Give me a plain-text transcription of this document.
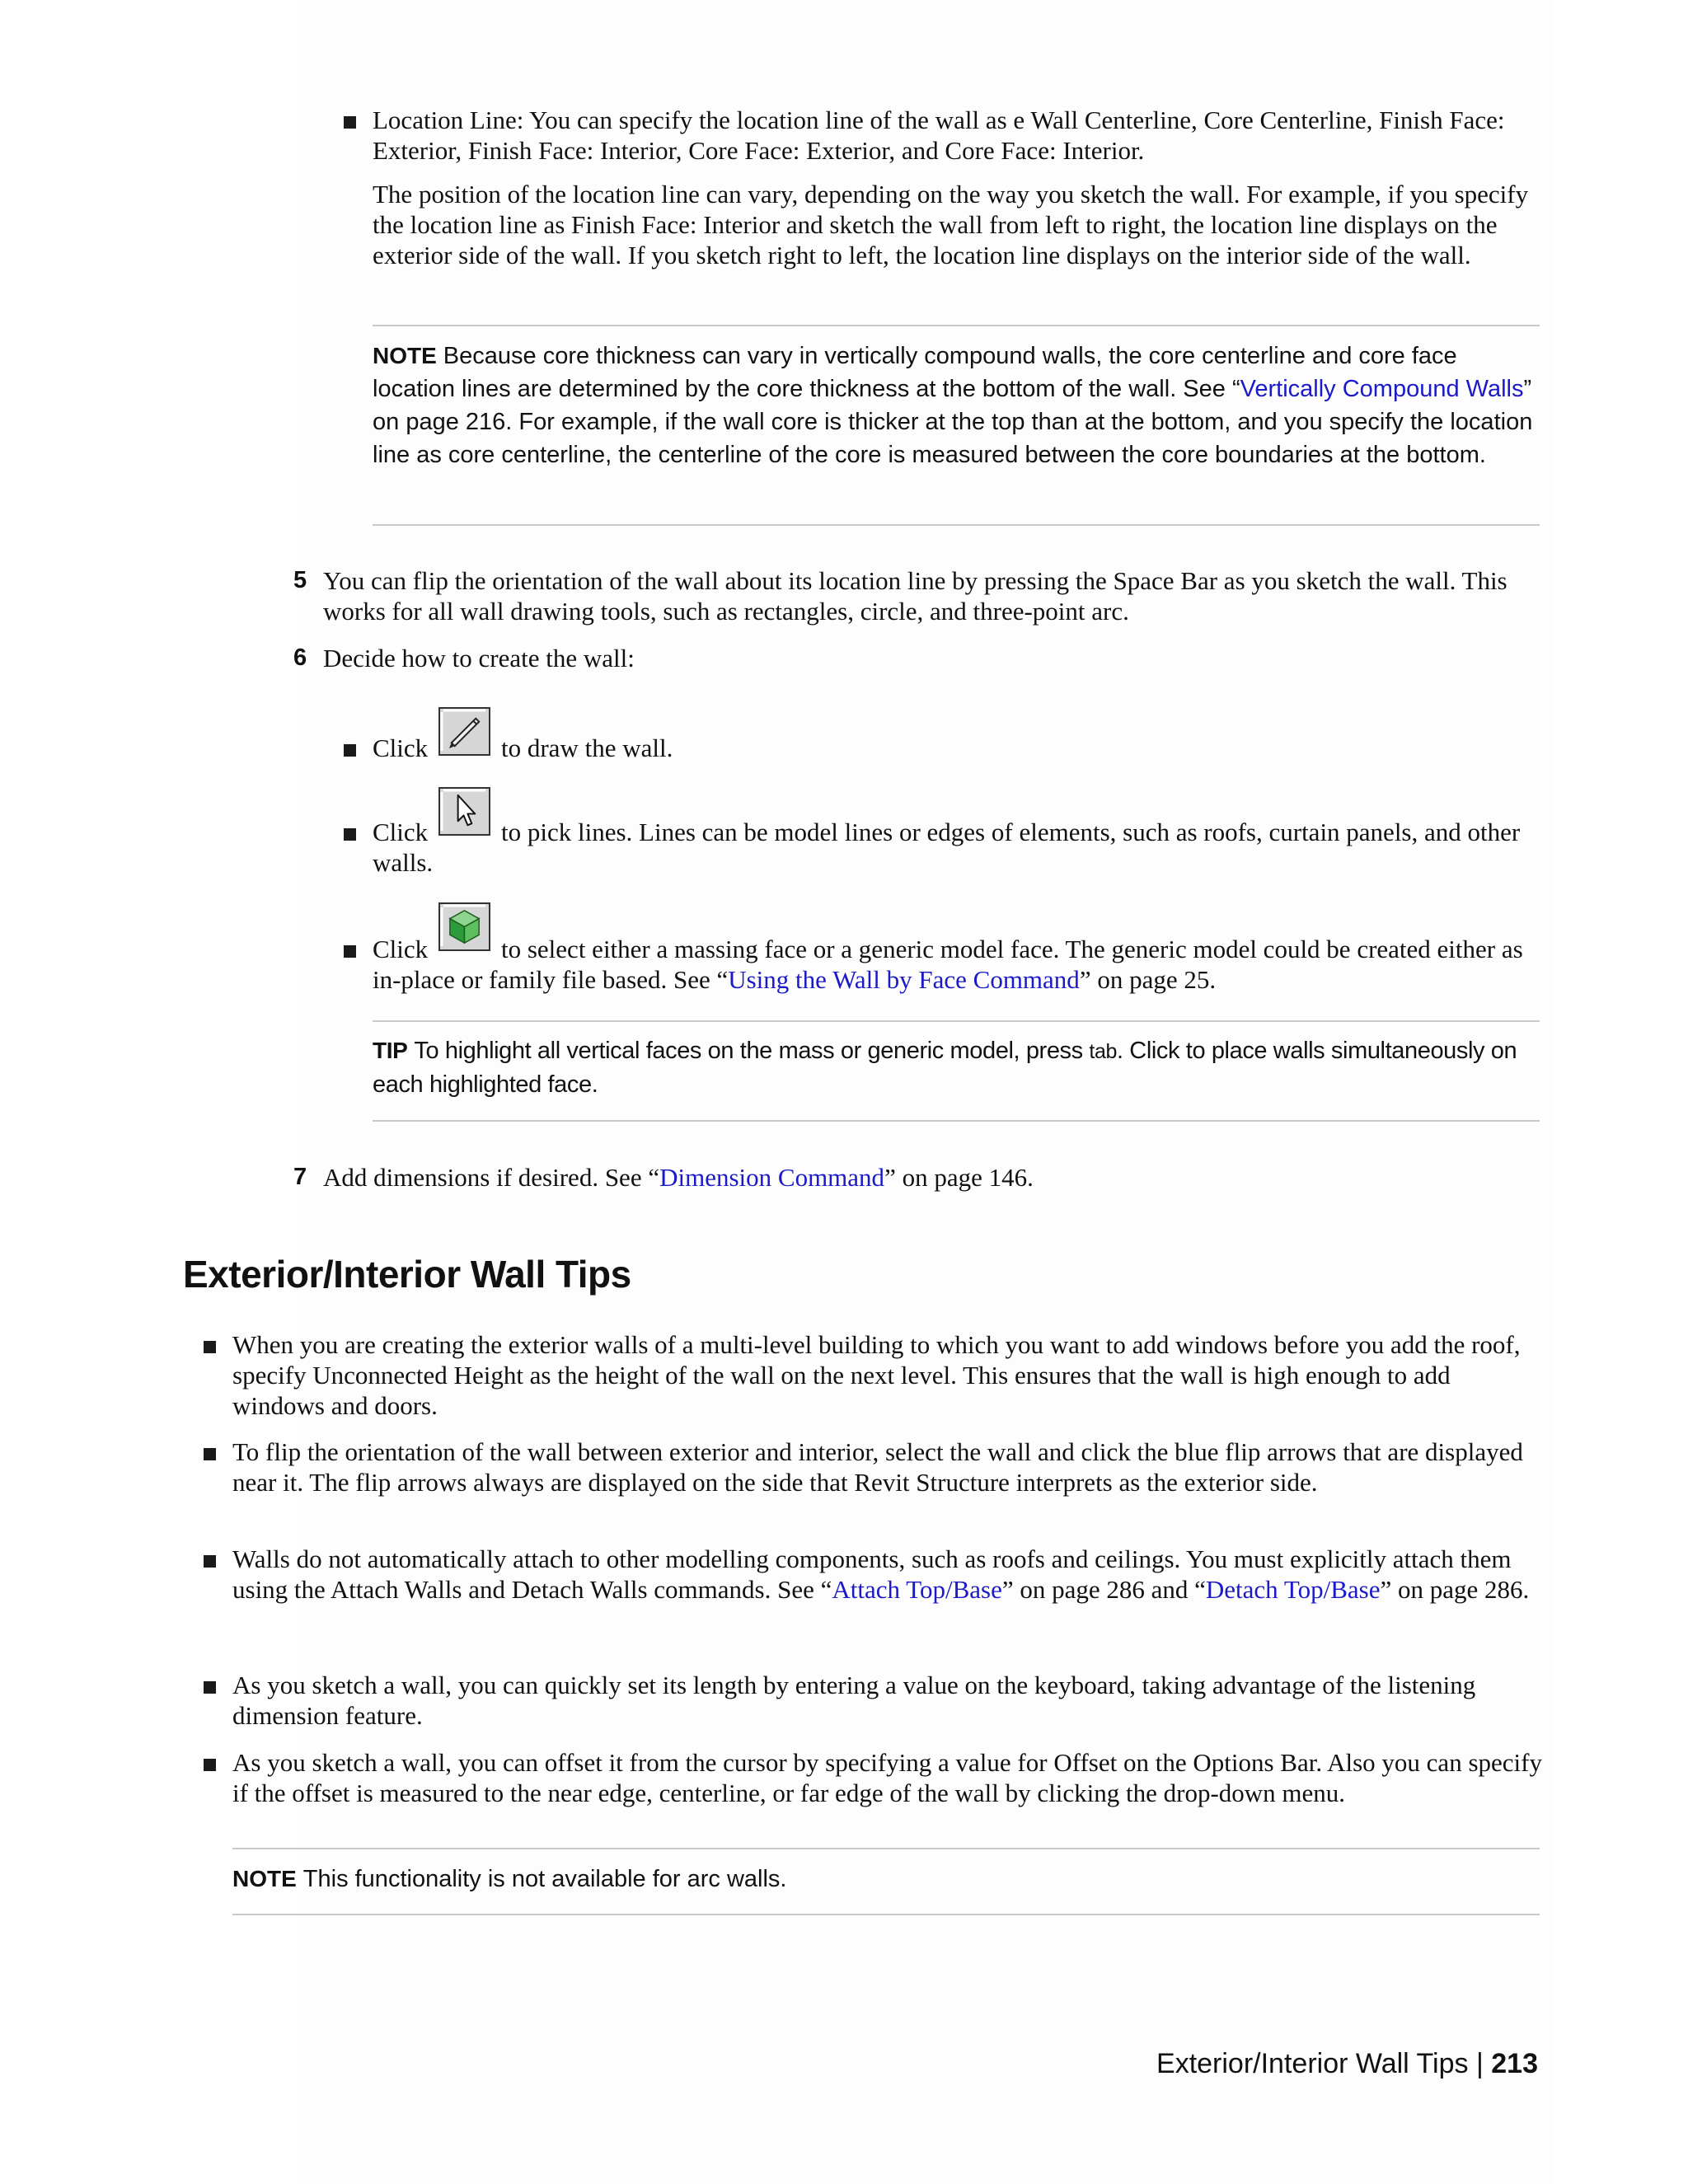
Location Line: You can specify the location line of the wall as e Wall Centerline, Core Centerline, Finish Face: Exterior, Finish Face: Interior, Core Face: Exterior, and Core Face: Interior.
The position of the location line can vary, depending on the way you sketch the wall. For example, if you specify the location line as Finish Face: Interior and sketch the wall from left to right, the location line displays on the exterior side of the wall. If you sketch right to left, the location line displays on the interior side of the wall.
NOTE Because core thickness can vary in vertically compound walls, the core centerline and core face location lines are determined by the core thickness at the bottom of the wall. See “Vertically Compound Walls” on page 216. For example, if the wall core is thicker at the top than at the bottom, and you specify the location line as core centerline, the centerline of the core is measured between the core boundaries at the bottom.
5 You can flip the orientation of the wall about its location line by pressing the Space Bar as you sketch the wall. This works for all wall drawing tools, such as rectangles, circle, and three-point arc.
6 Decide how to create the wall:
Click	to draw the wall.
Click	to pick lines. Lines can be model lines or edges of elements, such as roofs, curtain panels, and other walls.
Click	to select either a massing face or a generic model face. The generic model could be created either as in-place or family file based. See “Using the Wall by Face Command” on page 25.
TIP To highlight all vertical faces on the mass or generic model, press tab. Click to place walls simultaneously on each highlighted face.
7 Add dimensions if desired. See “Dimension Command” on page 146.
Exterior/Interior Wall Tips
When you are creating the exterior walls of a multi-level building to which you want to add windows before you add the roof, specify Unconnected Height as the height of the wall on the next level. This ensures that the wall is high enough to add windows and doors.
To flip the orientation of the wall between exterior and interior, select the wall and click the blue flip arrows that are displayed near it. The flip arrows always are displayed on the side that Revit Structure interprets as the exterior side.
Walls do not automatically attach to other modelling components, such as roofs and ceilings. You must explicitly attach them using the Attach Walls and Detach Walls commands. See “Attach Top/Base” on page 286 and “Detach Top/Base” on page 286.
As you sketch a wall, you can quickly set its length by entering a value on the keyboard, taking advantage of the listening dimension feature.
As you sketch a wall, you can offset it from the cursor by specifying a value for Offset on the Options Bar. Also you can specify if the offset is measured to the near edge, centerline, or far edge of the wall by clicking the drop-down menu.
NOTE This functionality is not available for arc walls.
Exterior/Interior Wall Tips | 213
